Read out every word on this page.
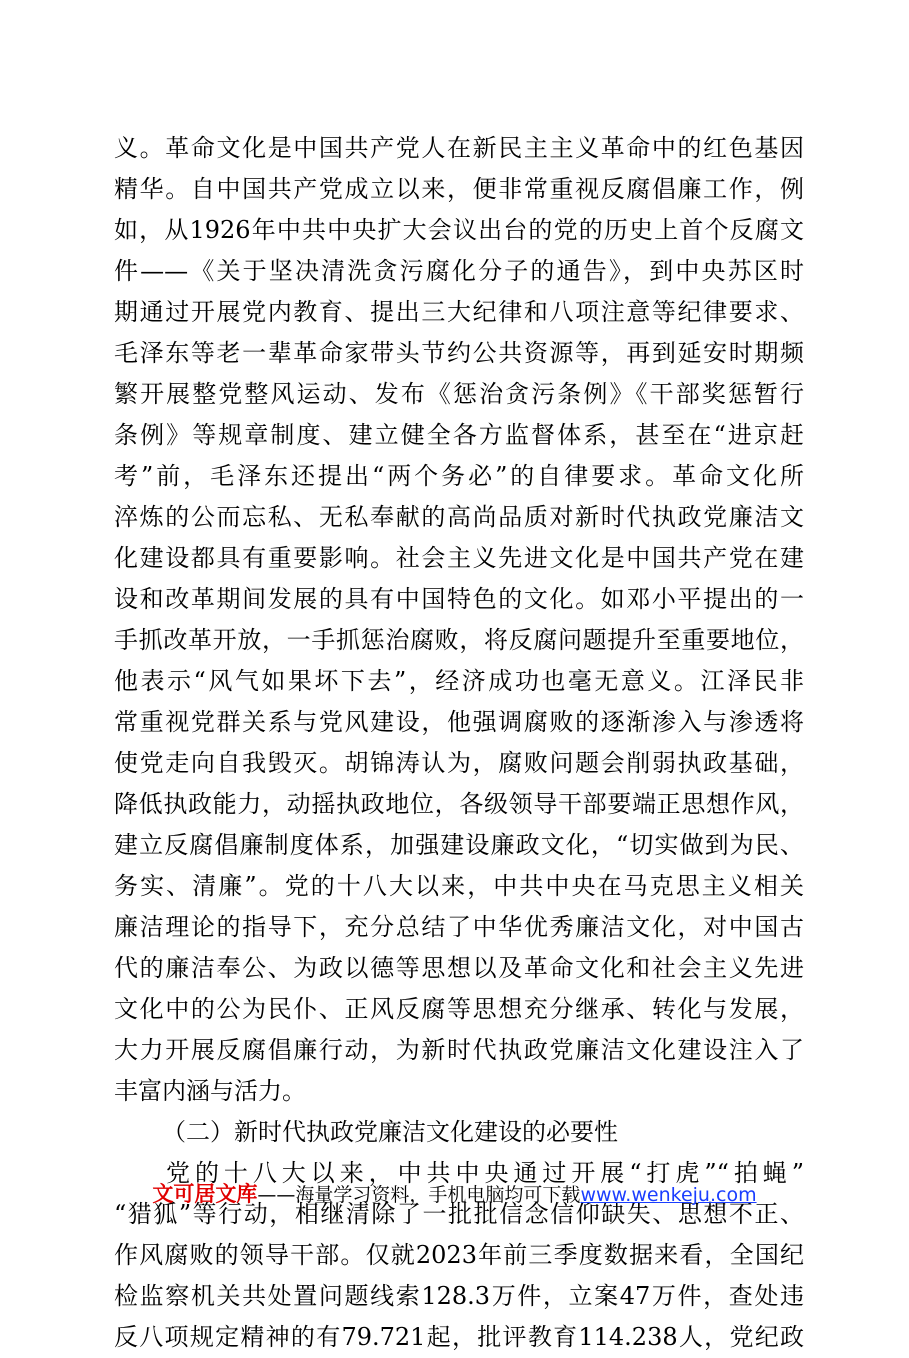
义。革命文化是中国共产党人在新民主主义革命中的红色基因
精华。自中国共产党成立以来，便非常重视反腐倡廉工作，例
如，从1926年中共中央扩大会议出台的党的历史上首个反腐文
件——《关于坚决清洗贪污腐化分子的通告》，到中央苏区时
期通过开展党内教育、提出三大纪律和八项注意等纪律要求、
毛泽东等老一辈革命家带头节约公共资源等，再到延安时期频
繁开展整党整风运动、发布《惩治贪污条例》《干部奖惩暂行
条例》等规章制度、建立健全各方监督体系，甚至在“进京赶
考”前，毛泽东还提出“两个务必”的自律要求。革命文化所
淬炼的公而忘私、无私奉献的高尚品质对新时代执政党廉洁文
化建设都具有重要影响。社会主义先进文化是中国共产党在建
设和改革期间发展的具有中国特色的文化。如邓小平提出的一
手抓改革开放，一手抓惩治腐败，将反腐问题提升至重要地位，
他表示“风气如果坏下去”，经济成功也毫无意义。江泽民非
常重视党群关系与党风建设，他强调腐败的逐渐渗入与渗透将
使党走向自我毁灭。胡锦涛认为，腐败问题会削弱执政基础，
降低执政能力，动摇执政地位，各级领导干部要端正思想作风，
建立反腐倡廉制度体系，加强建设廉政文化，“切实做到为民、
务实、清廉”。党的十八大以来，中共中央在马克思主义相关
廉洁理论的指导下，充分总结了中华优秀廉洁文化，对中国古
代的廉洁奉公、为政以德等思想以及革命文化和社会主义先进
文化中的公为民仆、正风反腐等思想充分继承、转化与发展，
大力开展反腐倡廉行动，为新时代执政党廉洁文化建设注入了
丰富内涵与活力。
（二）新时代执政党廉洁文化建设的必要性
党的十八大以来，中共中央通过开展“打虎”“拍蝇”
“猎狐”等行动，相继清除了一批批信念信仰缺失、思想不正、
作风腐败的领导干部。仅就2023年前三季度数据来看，全国纪
检监察机关共处置问题线索128.3万件，立案47万件，查处违
反八项规定精神的有79.721起，批评教育114.238人，党纪政
文可居文库——海量学习资料，手机电脑均可下载www.wenkeju.com
